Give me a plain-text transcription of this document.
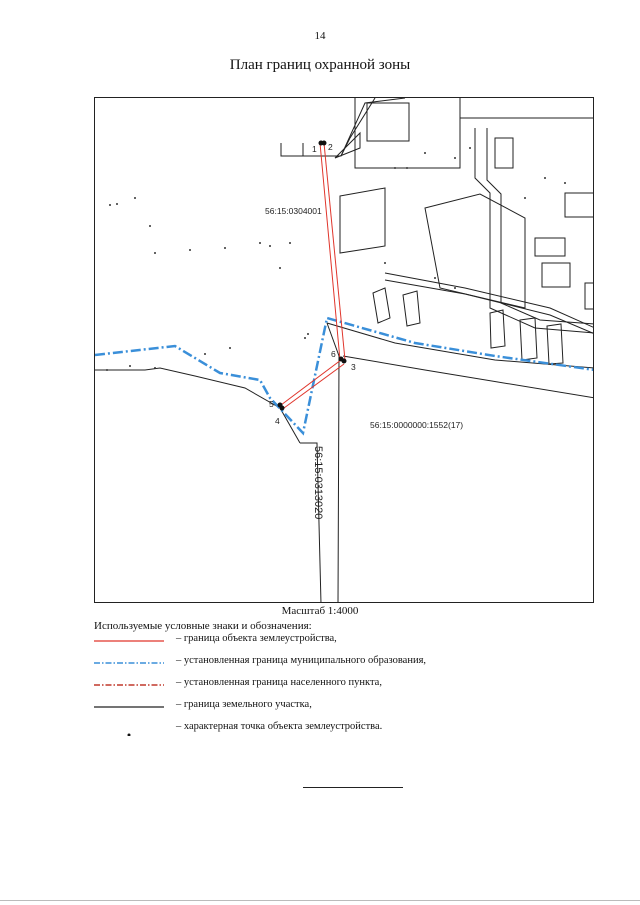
14
План границ охранной зоны
1 2
3
4
5
6
56:15:0304001
56:15:0000000:1552(17)
56:15:0313020
Масштаб 1:4000
Используемые условные знаки и обозначения:
– граница объекта землеустройства,
– установленная граница муниципального образования,
– установленная граница населенного пункта,
– граница земельного участка,
– характерная точка объекта землеустройства.
